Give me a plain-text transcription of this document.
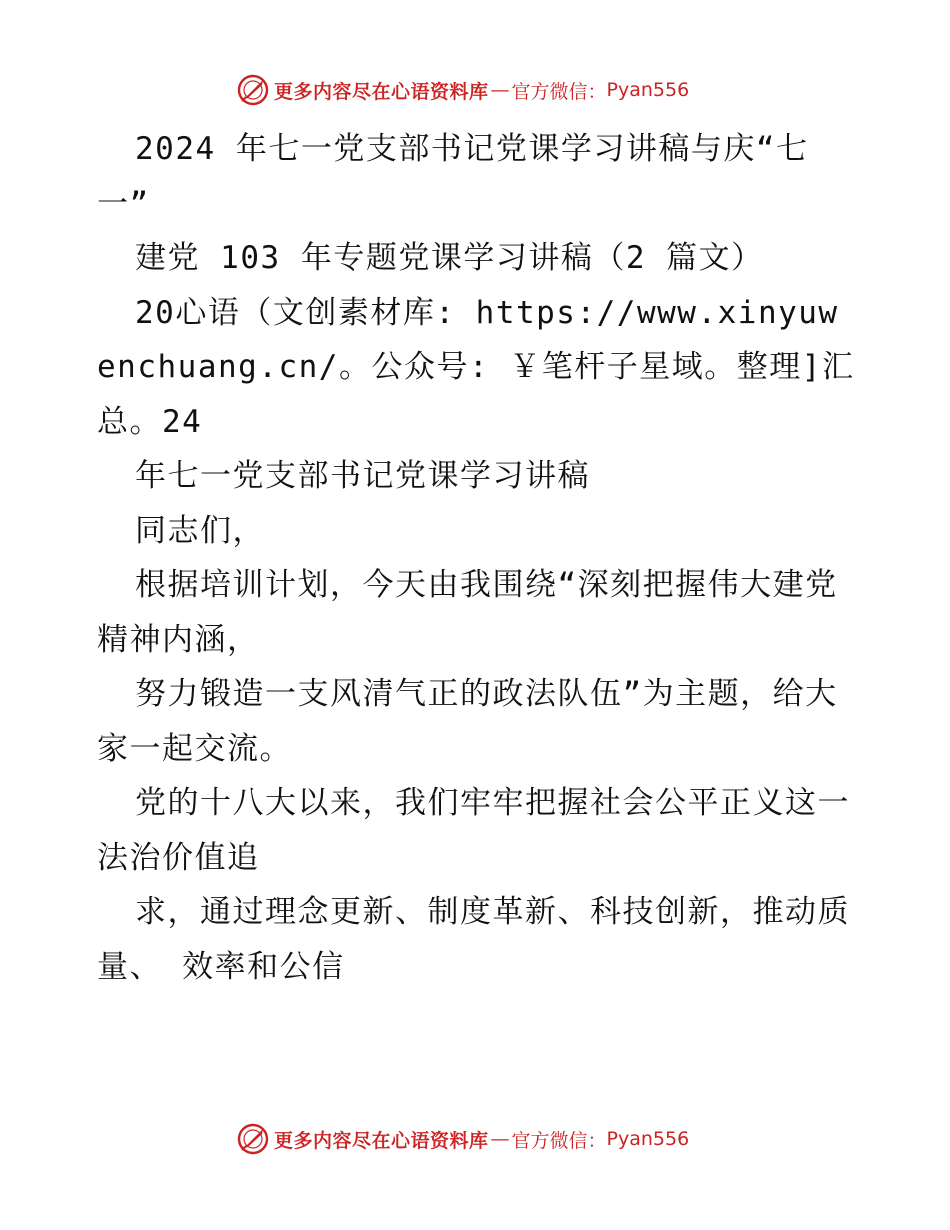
更多内容尽在心语资料库 — 官方微信： Pyan556

2024 年七一党支部书记党课学习讲稿与庆“七一”

建党 103 年专题党课学习讲稿（2 篇文）

20心语（文创素材库: https://www.xinyuwenchuang.cn/。公众号: ￥笔杆子星域。整理]汇总。24

年七一党支部书记党课学习讲稿

同志们，

根据培训计划，今天由我围绕“深刻把握伟大建党精神内涵，

努力锻造一支风清气正的政法队伍”为主题，给大家一起交流。

党的十八大以来，我们牢牢把握社会公平正义这一法治价值追

求，通过理念更新、制度革新、科技创新，推动质量、 效率和公信

更多内容尽在心语资料库 — 官方微信： Pyan556
